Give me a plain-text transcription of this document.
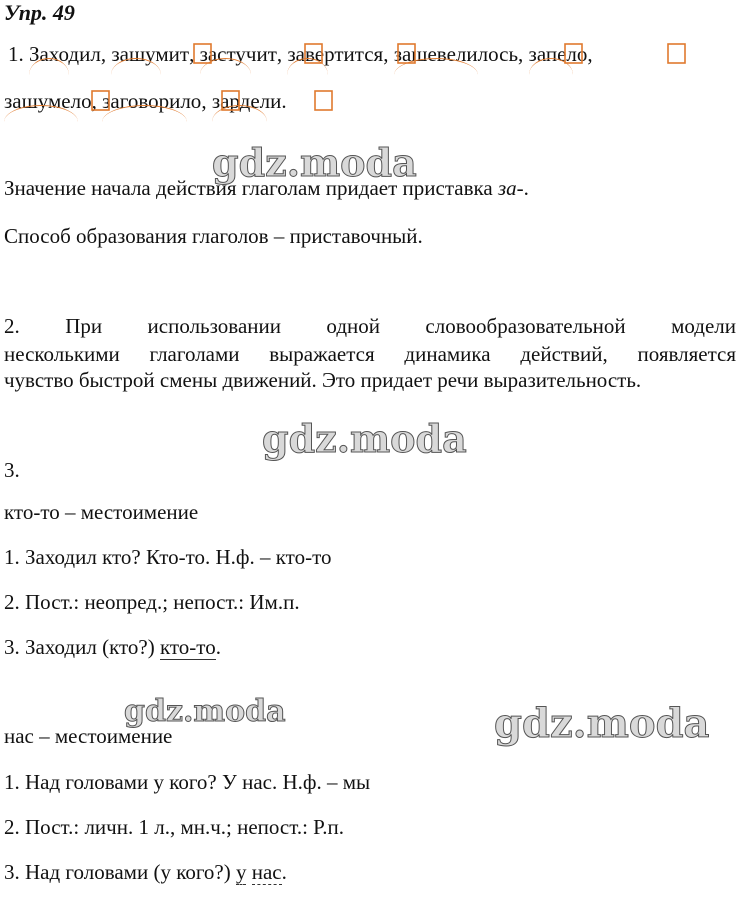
Упр. 49
1. Заходил,
зашумит,
застучит,
завертится,
зашевелилось,
запело,
зашумело,
заговорило,
зардели.
gdz.moda
Значение начала действия глаголам придает приставка за-.
Способ образования глаголов – приставочный.
2. При использовании одной словообразовательной модели
несколькими глаголами выражается динамика действий, появляется
чувство быстрой смены движений. Это придает речи выразительность.
gdz.moda
3.
кто-то – местоимение
1. Заходил кто? Кто-то. Н.ф. – кто-то
2. Пост.: неопред.; непост.: Им.п.
3. Заходил (кто?) кто-то.
gdz.moda	gdz.moda
нас – местоимение
1. Над головами у кого? У нас. Н.ф. – мы
2. Пост.: личн. 1 л., мн.ч.; непост.: Р.п.
3. Над головами (у кого?) у нас.
